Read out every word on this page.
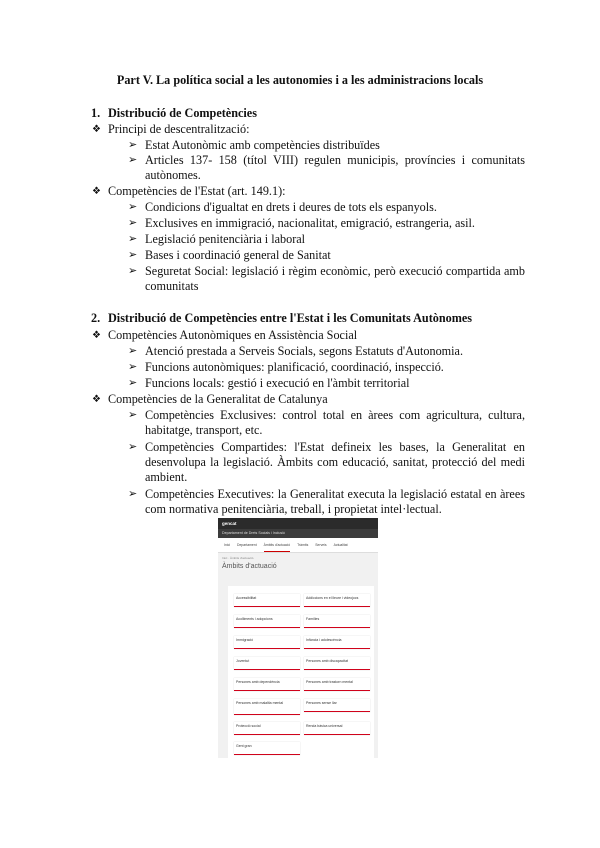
Part V. La política social a les autonomies i a les administracions locals
1. Distribució de Competències
❖ Principi de descentralització:
➢ Estat Autonòmic amb competències distribuïdes
➢ Articles 137- 158 (títol VIII) regulen municipis, províncies i comunitats
autònomes.
❖ Competències de l'Estat (art. 149.1):
➢ Condicions d'igualtat en drets i deures de tots els espanyols.
➢ Exclusives en immigració, nacionalitat, emigració, estrangeria, asil.
➢ Legislació penitenciària i laboral
➢ Bases i coordinació general de Sanitat
➢ Seguretat Social: legislació i règim econòmic, però execució compartida amb
comunitats
2. Distribució de Competències entre l'Estat i les Comunitats Autònomes
❖ Competències Autonòmiques en Assistència Social
➢ Atenció prestada a Serveis Socials, segons Estatuts d'Autonomia.
➢ Funcions autonòmiques: planificació, coordinació, inspecció.
➢ Funcions locals: gestió i execució en l'àmbit territorial
❖ Competències de la Generalitat de Catalunya
➢ Competències Exclusives: control total en àrees com agricultura, cultura,
habitatge, transport, etc.
➢ Competències Compartides: l'Estat defineix les bases, la Generalitat en
desenvolupa la legislació. Àmbits com educació, sanitat, protecció del medi
ambient.
➢ Competències Executives: la Generalitat executa la legislació estatal en àrees
com normativa penitenciària, treball, i propietat intel·lectual.
gencat
Departament de Drets Socials i Inclusió
Inici Departament Àmbits d'actuació Tràmits Serveis Actualitat
Inici · Àmbits d'actuació
Àmbits d'actuació
Accessibilitat	Addiccions en el lleure i videojocs
Acolliments i adopcions	Famílies
Immigració	Infància i adolescència
Joventut	Persones amb discapacitat
Persones amb dependència	Persones amb trastorn mental
Persones amb malaltia mental	Persones sense llar
Protecció social	Renda bàsica universal
Gent gran
